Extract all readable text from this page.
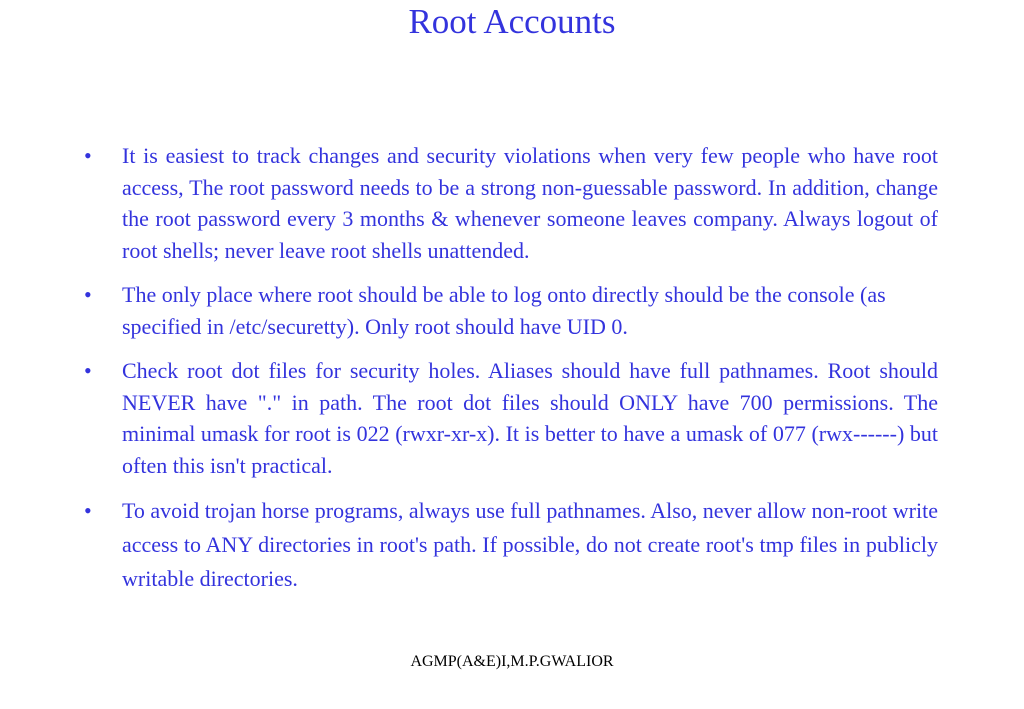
Root Accounts
•	It is easiest to track changes and security violations when very few people who have root access, The root password needs to be a strong non-guessable password. In addition, change the root password every 3 months & whenever someone leaves company. Always logout of root shells; never leave root shells unattended.
•	The only place where root should be able to log onto directly should be the console (as specified in /etc/securetty). Only root should have UID 0.
•	Check root dot files for security holes. Aliases should have full pathnames. Root should NEVER have "." in path. The root dot files should ONLY have 700 permissions. The minimal umask for root is 022 (rwxr-xr-x). It is better to have a umask of 077 (rwx------) but often this isn't practical.
•	To avoid trojan horse programs, always use full pathnames. Also, never allow non-root write access to ANY directories in root's path. If possible, do not create root's tmp files in publicly writable directories.
AGMP(A&E)I,M.P.GWALIOR
